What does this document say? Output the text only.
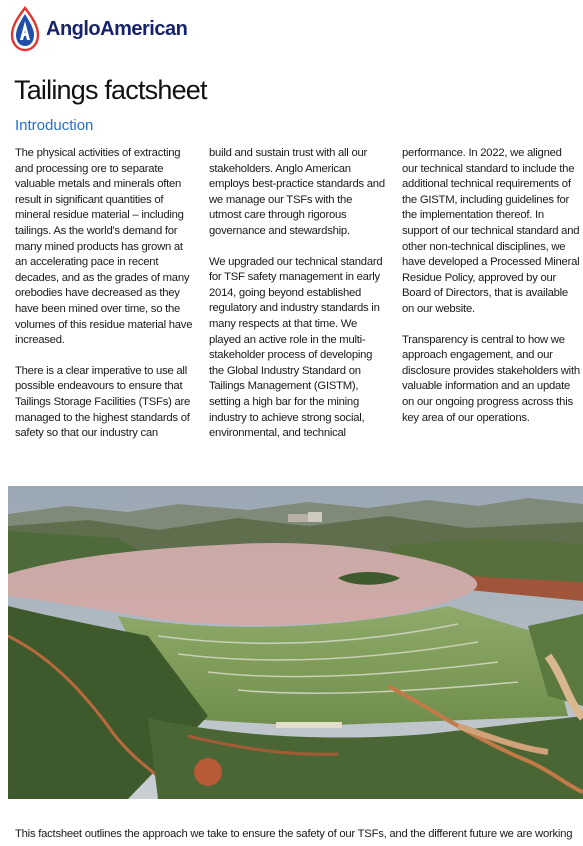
AngloAmerican
Tailings factsheet
Introduction

The physical activities of extracting and processing ore to separate valuable metals and minerals often result in significant quantities of mineral residue material – including tailings. As the world's demand for many mined products has grown at an accelerating pace in recent decades, and as the grades of many orebodies have decreased as they have been mined over time, so the volumes of this residue material have increased.

There is a clear imperative to use all possible endeavours to ensure that Tailings Storage Facilities (TSFs) are managed to the highest standards of safety so that our industry can

build and sustain trust with all our stakeholders. Anglo American employs best-practice standards and we manage our TSFs with the utmost care through rigorous governance and stewardship.

We upgraded our technical standard for TSF safety management in early 2014, going beyond established regulatory and industry standards in many respects at that time. We played an active role in the multi-stakeholder process of developing the Global Industry Standard on Tailings Management (GISTM), setting a high bar for the mining industry to achieve strong social, environmental, and technical

performance. In 2022, we aligned our technical standard to include the additional technical requirements of the GISTM, including guidelines for the implementation thereof. In support of our technical standard and other non-technical disciplines, we have developed a Processed Mineral Residue Policy, approved by our Board of Directors, that is available on our website.

Transparency is central to how we approach engagement, and our disclosure provides stakeholders with valuable information and an update on our ongoing progress across this key area of our operations.

This factsheet outlines the approach we take to ensure the safety of our TSFs, and the different future we are working
